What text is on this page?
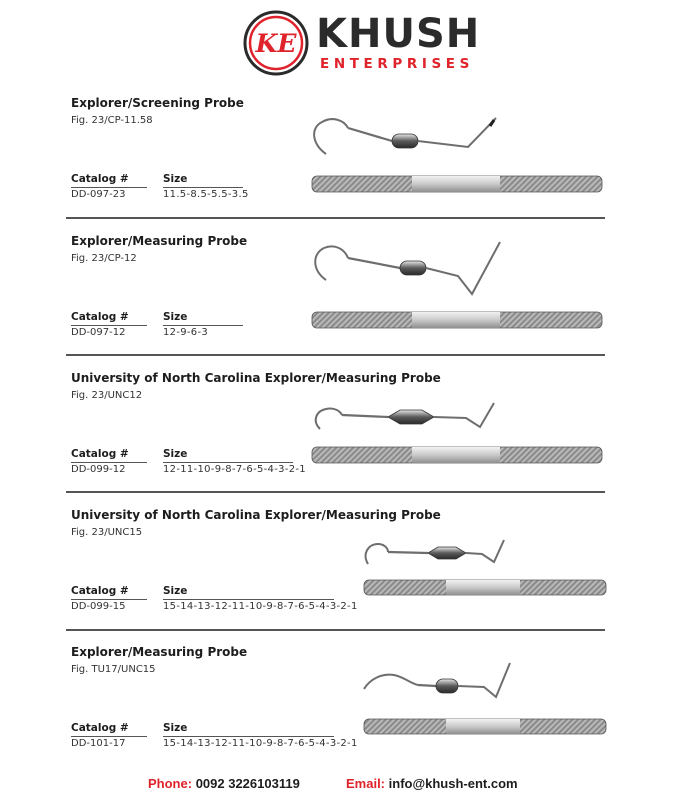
KE KHUSH
ENTERPRISES
Explorer/Screening Probe
Fig. 23/CP-11.58
Catalog #	Size
DD-097-23	11.5-8.5-5.5-3.5
Explorer/Measuring Probe
Fig. 23/CP-12
Catalog #	Size
DD-097-12	12-9-6-3
University of North Carolina Explorer/Measuring Probe
Fig. 23/UNC12
Catalog #	Size
DD-099-12	12-11-10-9-8-7-6-5-4-3-2-1
University of North Carolina Explorer/Measuring Probe
Fig. 23/UNC15
Catalog #	Size
DD-099-15	15-14-13-12-11-10-9-8-7-6-5-4-3-2-1
Explorer/Measuring Probe
Fig. TU17/UNC15
Catalog #	Size
DD-101-17	15-14-13-12-11-10-9-8-7-6-5-4-3-2-1
Phone: 0092 3226103119	Email: info@khush-ent.com
